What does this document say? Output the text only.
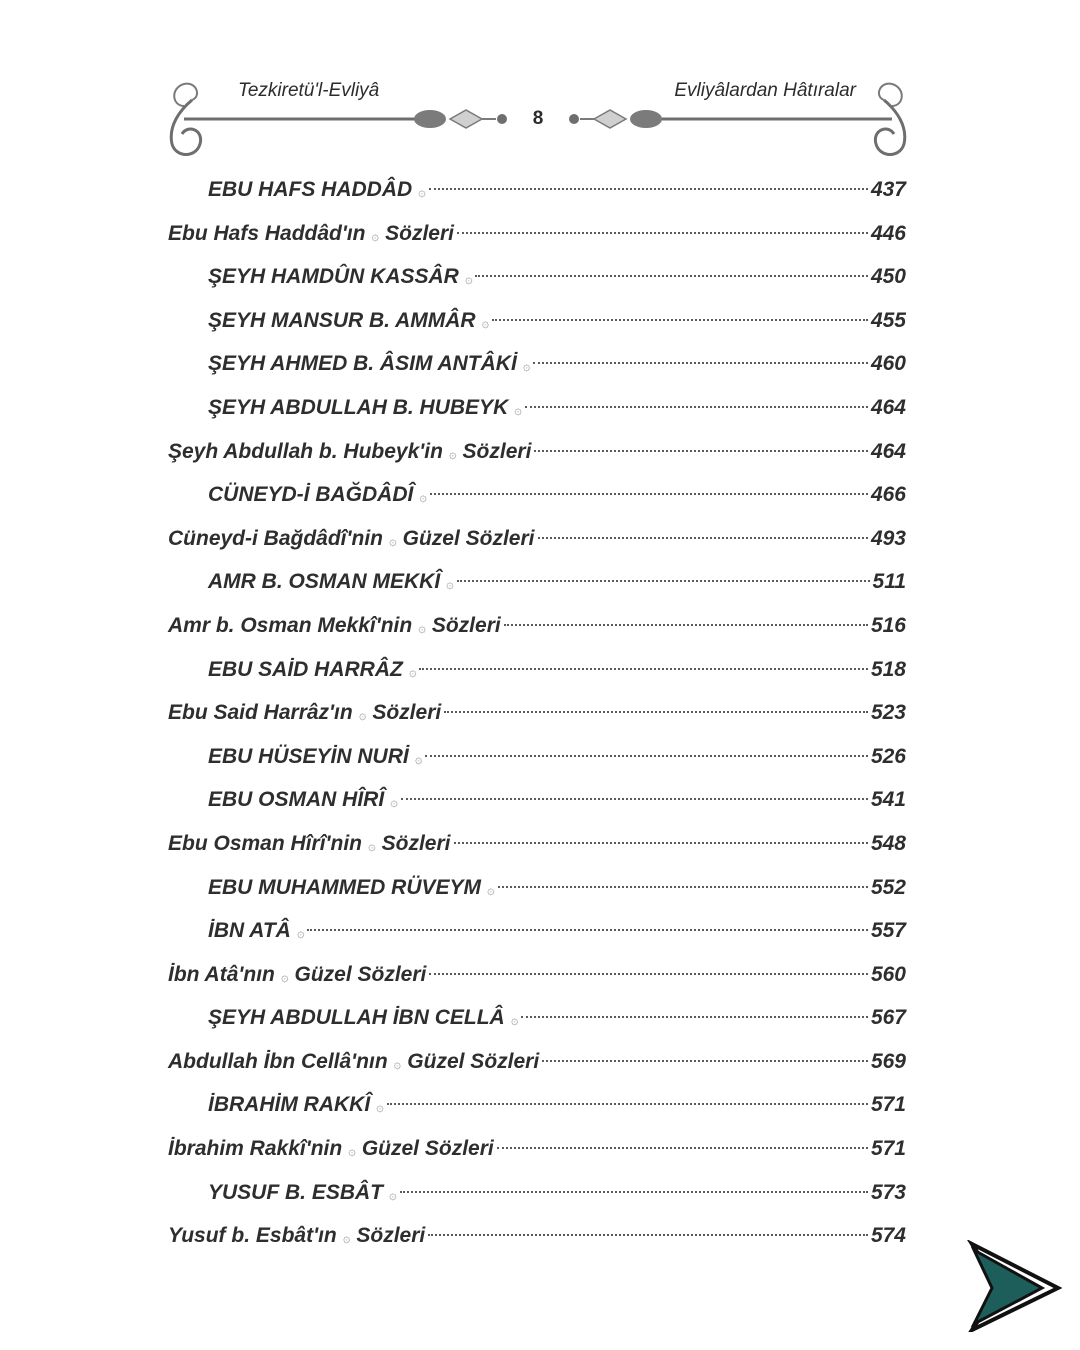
Tezkiretü'l-Evliyâ	Evliyâlardan Hâtıralar
8
EBU HAFS HADDÂD ۞	437
Ebu Hafs Haddâd'ın ۞ Sözleri	446
ŞEYH HAMDÛN KASSÂR ۞	450
ŞEYH MANSUR B. AMMÂR ۞	455
ŞEYH AHMED B. ÂSIM ANTÂKİ ۞	460
ŞEYH ABDULLAH B. HUBEYK ۞	464
Şeyh Abdullah b. Hubeyk'in ۞ Sözleri	464
CÜNEYD-İ BAĞDÂDÎ ۞	466
Cüneyd-i Bağdâdî'nin ۞ Güzel Sözleri	493
AMR B. OSMAN MEKKÎ ۞	511
Amr b. Osman Mekkî'nin ۞ Sözleri	516
EBU SAİD HARRÂZ ۞	518
Ebu Said Harrâz'ın ۞ Sözleri	523
EBU HÜSEYİN NURİ ۞	526
EBU OSMAN HÎRÎ ۞	541
Ebu Osman Hîrî'nin ۞ Sözleri	548
EBU MUHAMMED RÜVEYM ۞	552
İBN ATÂ ۞	557
İbn Atâ'nın ۞ Güzel Sözleri	560
ŞEYH ABDULLAH İBN CELLÂ ۞	567
Abdullah İbn Cellâ'nın ۞ Güzel Sözleri	569
İBRAHİM RAKKÎ ۞	571
İbrahim Rakkî'nin ۞ Güzel Sözleri	571
YUSUF B. ESBÂT ۞	573
Yusuf b. Esbât'ın ۞ Sözleri	574
